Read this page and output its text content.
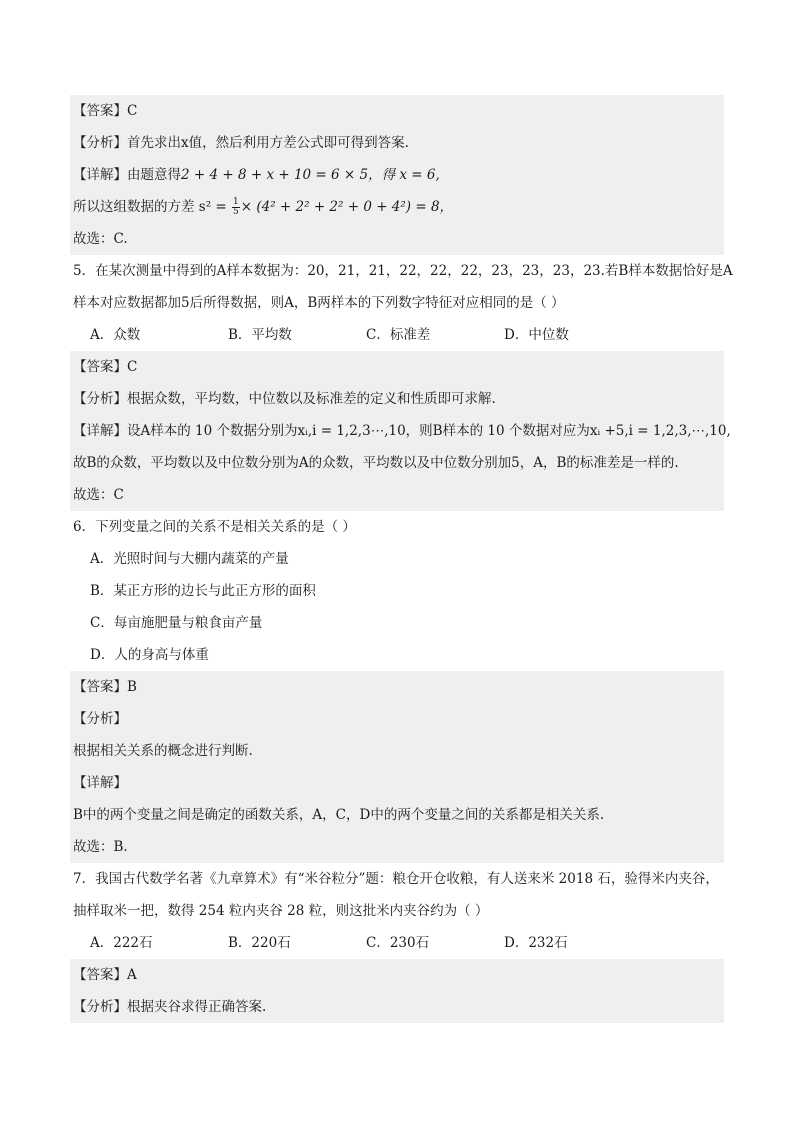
【答案】C
【分析】首先求出x值，然后利用方差公式即可得到答案.
【详解】由题意得2 + 4 + 8 + x + 10 = 6 × 5，得 x = 6,
所以这组数据的方差 $s^2 = \frac{1}{5} \times (4^2 + 2^2 + 2^2 + 0 + 4^2) = 8$，
故选：C.
5．在某次测量中得到的A样本数据为：20，21，21，22，22，22，23，23，23，23.若B样本数据恰好是A
样本对应数据都加5后所得数据，则A，B两样本的下列数字特征对应相同的是（ ）
A．众数	B．平均数	C．标准差	D．中位数
【答案】C
【分析】根据众数，平均数，中位数以及标准差的定义和性质即可求解.
【详解】设A样本的 10 个数据分别为xᵢ,i = 1,2,3⋯,10，则B样本的 10 个数据对应为xᵢ +5,i = 1,2,3,⋯,10,
故B的众数，平均数以及中位数分别为A的众数，平均数以及中位数分别加5，A，B的标准差是一样的.
故选：C
6．下列变量之间的关系不是相关关系的是（ ）
A．光照时间与大棚内蔬菜的产量
B．某正方形的边长与此正方形的面积
C．每亩施肥量与粮食亩产量
D．人的身高与体重
【答案】B
【分析】
根据相关关系的概念进行判断.
【详解】
B中的两个变量之间是确定的函数关系，A，C，D中的两个变量之间的关系都是相关关系.
故选：B.
7．我国古代数学名著《九章算术》有“米谷粒分”题：粮仓开仓收粮，有人送来米 2018 石，验得米内夹谷，
抽样取米一把，数得 254 粒内夹谷 28 粒，则这批米内夹谷约为（ ）
A．222石	B．220石	C．230石	D．232石
【答案】A
【分析】根据夹谷求得正确答案.
